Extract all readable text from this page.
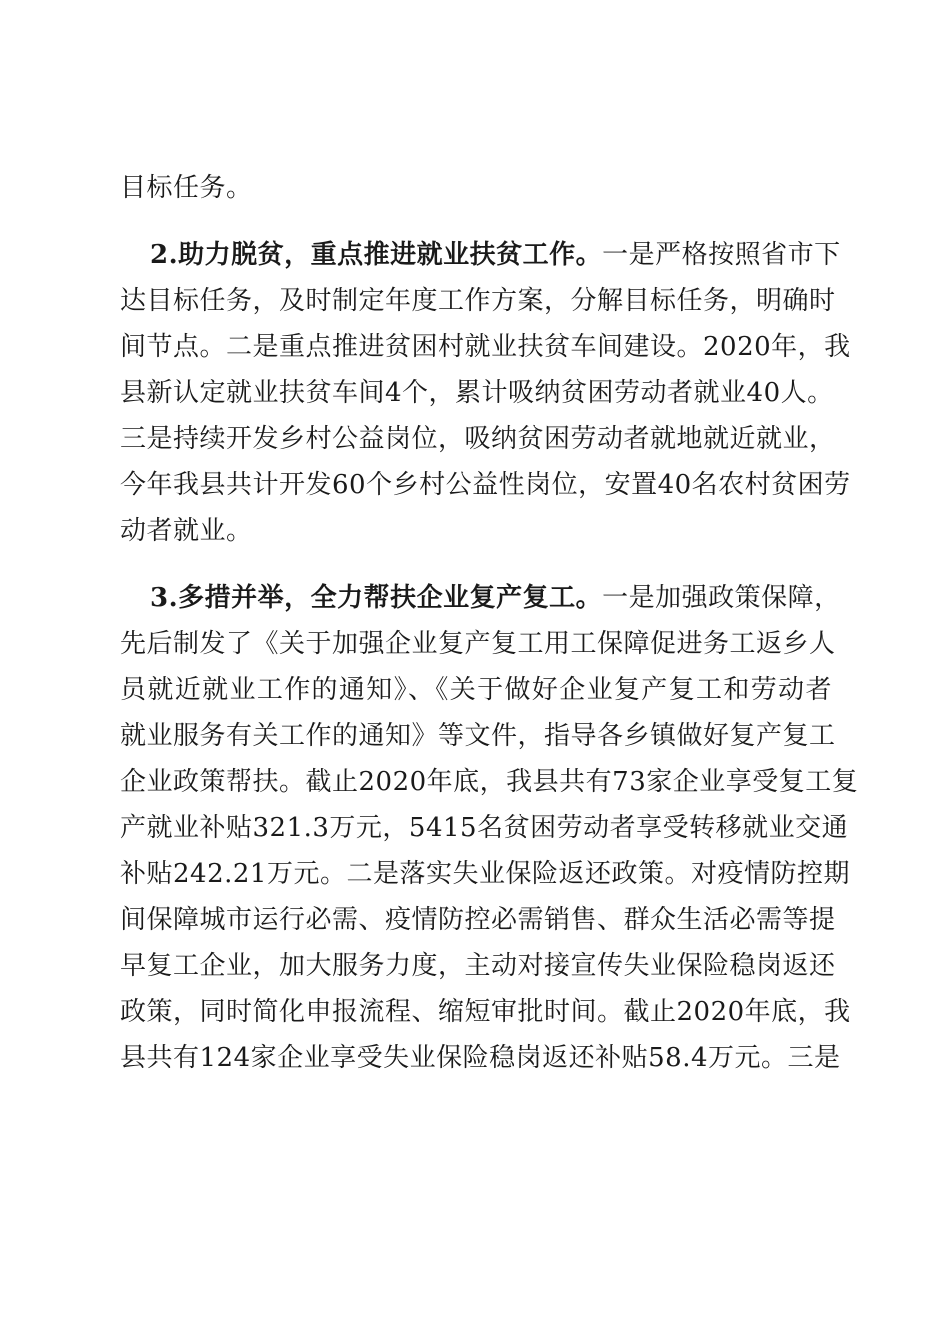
目标任务。
2.助力脱贫，重点推进就业扶贫工作。一是严格按照省市下
达目标任务，及时制定年度工作方案，分解目标任务，明确时
间节点。二是重点推进贫困村就业扶贫车间建设。2020年，我
县新认定就业扶贫车间4个，累计吸纳贫困劳动者就业40人。
三是持续开发乡村公益岗位，吸纳贫困劳动者就地就近就业，
今年我县共计开发60个乡村公益性岗位，安置40名农村贫困劳
动者就业。
3.多措并举，全力帮扶企业复产复工。一是加强政策保障，
先后制发了《关于加强企业复产复工用工保障促进务工返乡人
员就近就业工作的通知》、《关于做好企业复产复工和劳动者
就业服务有关工作的通知》等文件，指导各乡镇做好复产复工
企业政策帮扶。截止2020年底，我县共有73家企业享受复工复
产就业补贴321.3万元，5415名贫困劳动者享受转移就业交通
补贴242.21万元。二是落实失业保险返还政策。对疫情防控期
间保障城市运行必需、疫情防控必需销售、群众生活必需等提
早复工企业，加大服务力度，主动对接宣传失业保险稳岗返还
政策，同时简化申报流程、缩短审批时间。截止2020年底，我
县共有124家企业享受失业保险稳岗返还补贴58.4万元。三是
